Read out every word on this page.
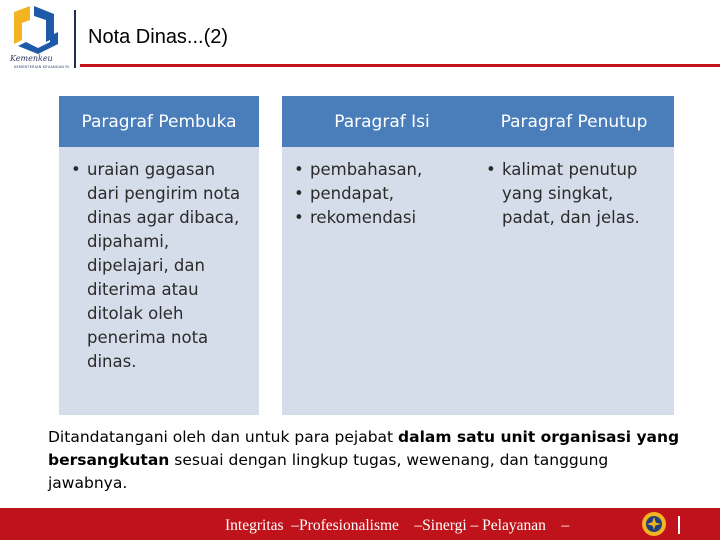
Kemenkeu
KEMENTERIAN KEUANGAN RI
Nota Dinas...(2)
Paragraf Pembuka
• uraian gagasan dari pengirim nota dinas agar dibaca, dipahami, dipelajari, dan diterima atau ditolak oleh penerima nota dinas.
Paragraf Isi
• pembahasan,
• pendapat,
• rekomendasi
Paragraf Penutup
• kalimat penutup yang singkat, padat, dan jelas.
Ditandatangani oleh dan untuk para pejabat dalam satu unit organisasi yang bersangkutan sesuai dengan lingkup tugas, wewenang, dan tanggung jawabnya.
Integritas  –Profesionalisme    –Sinergi – Pelayanan    –
